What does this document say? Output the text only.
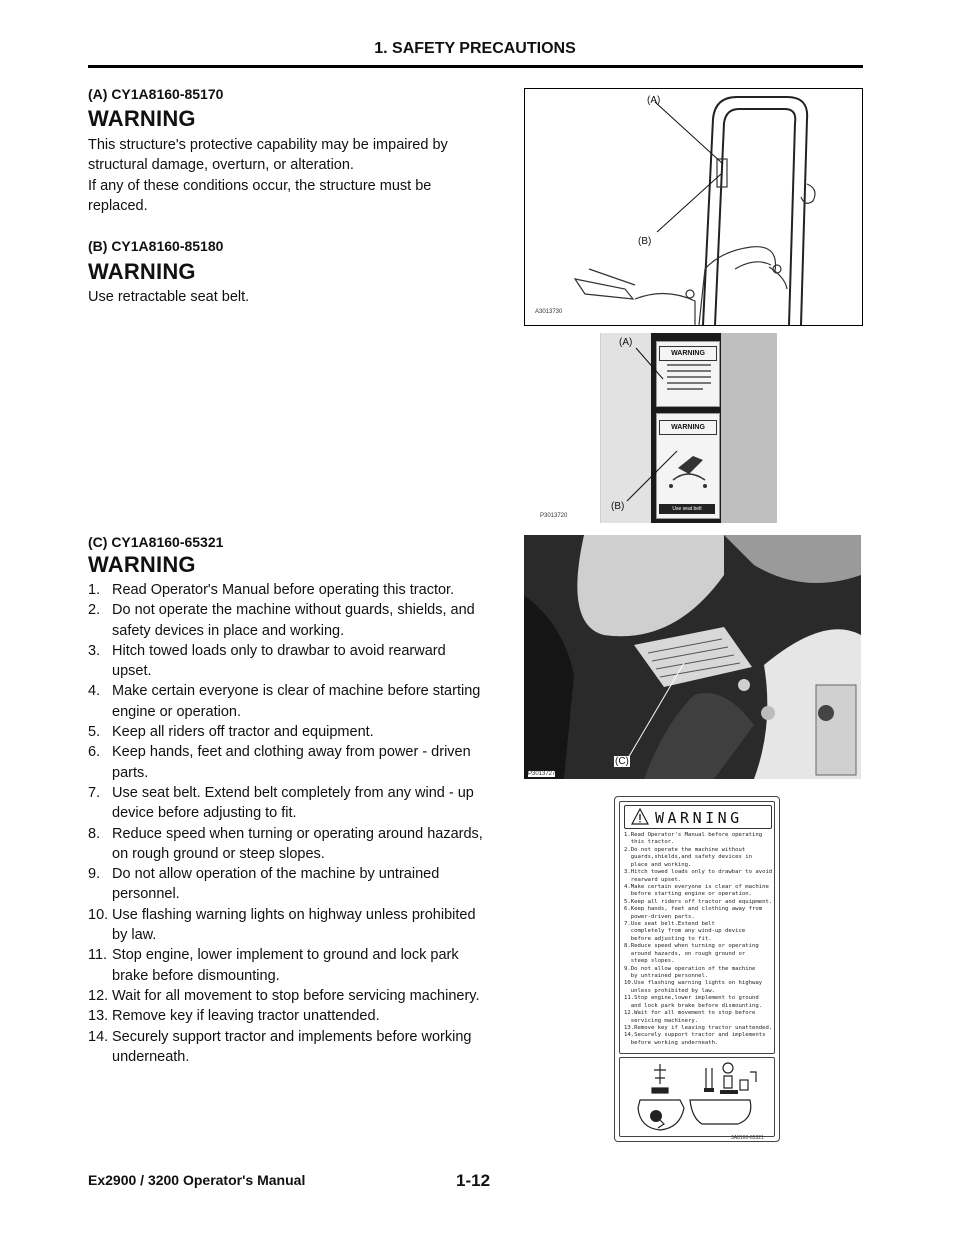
1. SAFETY PRECAUTIONS
(A) CY1A8160-85170
WARNING

This structure's protective capability may be impaired by

structural damage, overturn, or alteration.

If any of these conditions occur, the structure must be

replaced.

(B) CY1A8160-85180
WARNING
Use retractable seat belt.
(C) CY1A8160-65321
WARNING
1. Read Operator's Manual before operating this tractor.
2. Do not operate the machine without guards, shields, and safety devices in place and working.
3. Hitch towed loads only to drawbar to avoid rearward upset.
4. Make certain everyone is clear of machine before starting engine or operation.
5. Keep all riders off tractor and equipment.
6. Keep hands, feet and clothing away from power - driven parts.
7. Use seat belt. Extend belt completely from any wind - up device before adjusting to fit.
8. Reduce speed when turning or operating around hazards, on rough ground or steep slopes.
9. Do not allow operation of the machine by untrained personnel.
10. Use flashing warning lights on highway unless prohibited by law.
11. Stop engine, lower implement to ground and lock park brake before dismounting.
12. Wait for all movement to stop before servicing machinery.
13. Remove key if leaving tractor unattended.
14. Securely support tractor and implements before working underneath.
(A)
(B)
A3013730
WARNING
WARNING
Use seat belt
(A)
(B)
P3013720
(C)
P3013727
WARNING
1.Read Operator's Manual before operating
this tractor.
2.Do not operate the machine without
guards,shields,and safety devices in
place and working.
3.Hitch towed loads only to drawbar to avoid
rearward upset.
4.Make certain everyone is clear of machine
before starting engine or operation.
5.Keep all riders off tractor and equipment.
6.Keep hands, feet and clothing away from
power-driven parts.
7.Use seat belt.Extend belt
completely from any wind-up device
before adjusting to fit.
8.Reduce speed when turning or operating
around hazards, on rough ground or
steep slopes.
9.Do not allow operation of the machine
by untrained personnel.
10.Use flashing warning lights on highway
unless prohibited by law.
11.Stop engine,lower implement to ground
and lock park brake before dismounting.
12.Wait for all movement to stop before
servicing machinery.
13.Remove key if leaving tractor unattended.
14.Securely support tractor and implements
before working underneath.
3A8160-65321
Ex2900 / 3200 Operator's Manual	1-12
